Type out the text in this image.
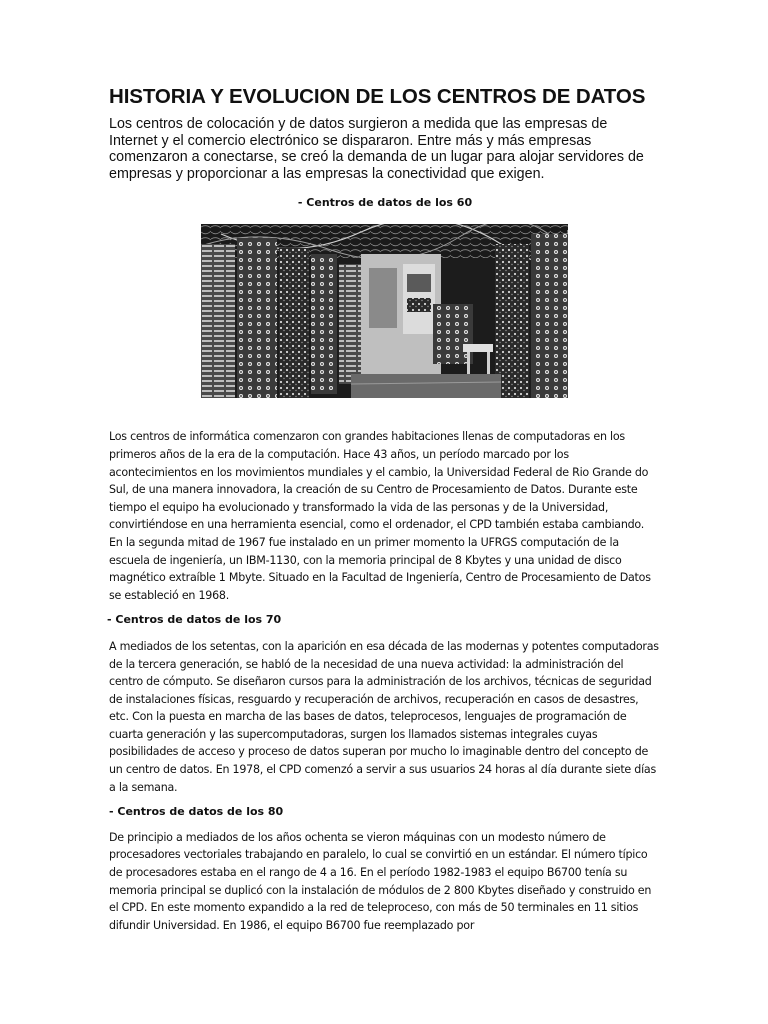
HISTORIA Y EVOLUCION DE LOS CENTROS DE DATOS

Los centros de colocación y de datos surgieron a medida que las empresas de Internet y el comercio electrónico se dispararon. Entre más y más empresas comenzaron a conectarse, se creó la demanda de un lugar para alojar servidores de empresas y proporcionar a las empresas la conectividad que exigen.

- Centros de datos de los 60

Los centros de informática comenzaron con grandes habitaciones llenas de computadoras en los primeros años de la era de la computación. Hace 43 años, un período marcado por los acontecimientos en los movimientos mundiales y el cambio, la Universidad Federal de Rio Grande do Sul, de una manera innovadora, la creación de su Centro de Procesamiento de Datos. Durante este tiempo el equipo ha evolucionado y transformado la vida de las personas y de la Universidad, convirtiéndose en una herramienta esencial, como el ordenador, el CPD también estaba cambiando. En la segunda mitad de 1967 fue instalado en un primer momento la UFRGS computación de la escuela de ingeniería, un IBM-1130, con la memoria principal de 8 Kbytes y una unidad de disco magnético extraíble 1 Mbyte. Situado en la Facultad de Ingeniería, Centro de Procesamiento de Datos se estableció en 1968.

- Centros de datos de los 70

A mediados de los setentas, con la aparición en esa década de las modernas y potentes computadoras de la tercera generación, se habló de la necesidad de una nueva actividad: la administración del centro de cómputo. Se diseñaron cursos para la administración de los archivos, técnicas de seguridad de instalaciones físicas, resguardo y recuperación de archivos, recuperación en casos de desastres, etc. Con la puesta en marcha de las bases de datos, teleprocesos, lenguajes de programación de cuarta generación y las supercomputadoras, surgen los llamados sistemas integrales cuyas posibilidades de acceso y proceso de datos superan por mucho lo imaginable dentro del concepto de un centro de datos. En 1978, el CPD comenzó a servir a sus usuarios 24 horas al día durante siete días a la semana.

- Centros de datos de los 80

De principio a mediados de los años ochenta se vieron máquinas con un modesto número de procesadores vectoriales trabajando en paralelo, lo cual se convirtió en un estándar. El número típico de procesadores estaba en el rango de 4 a 16. En el período 1982-1983 el equipo B6700 tenía su memoria principal se duplicó con la instalación de módulos de 2 800 Kbytes diseñado y construido en el CPD. En este momento expandido a la red de teleproceso, con más de 50 terminales en 11 sitios difundir Universidad. En 1986, el equipo B6700 fue reemplazado por
